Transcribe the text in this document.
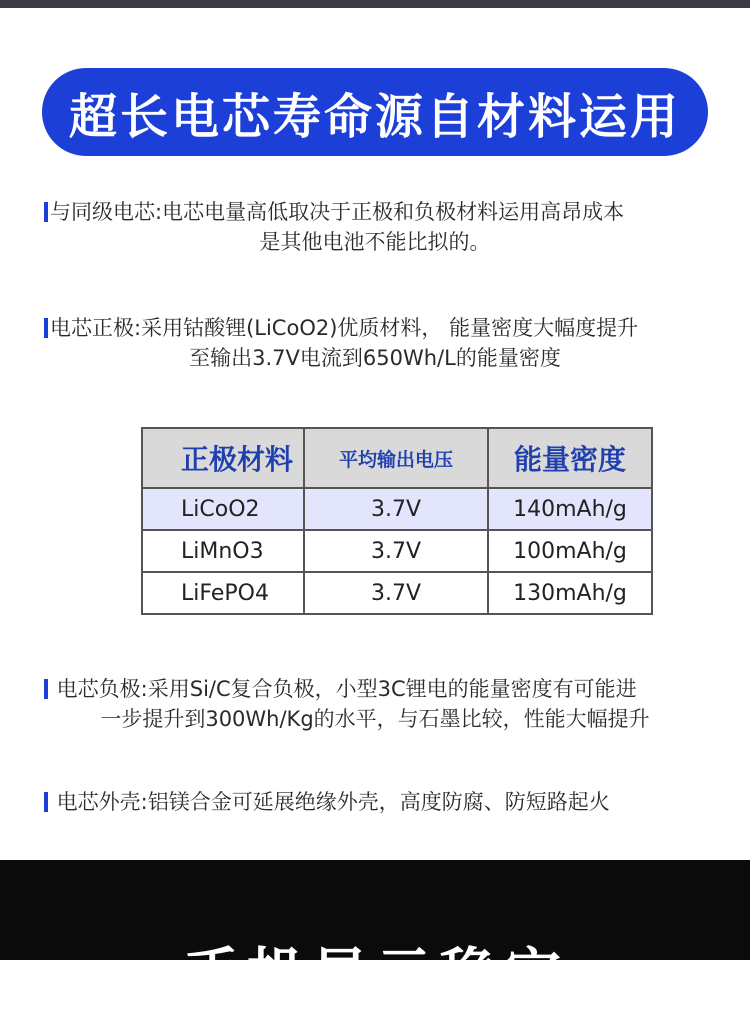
超长电芯寿命源自材料运用
与同级电芯:电芯电量高低取决于正极和负极材料运用高昂成本
是其他电池不能比拟的。
电芯正极:采用钴酸锂(LiCoO2)优质材料， 能量密度大幅度提升
至输出3.7V电流到650Wh/L的能量密度
正极材料	平均输出电压	能量密度
LiCoO2	3.7V	140mAh/g
LiMnO3	3.7V	100mAh/g
LiFePO4	3.7V	130mAh/g
电芯负极:采用Si/C复合负极，小型3C锂电的能量密度有可能进
一步提升到300Wh/Kg的水平，与石墨比较，性能大幅提升
电芯外壳:铝镁合金可延展绝缘外壳，高度防腐、防短路起火
手机显示稳定
